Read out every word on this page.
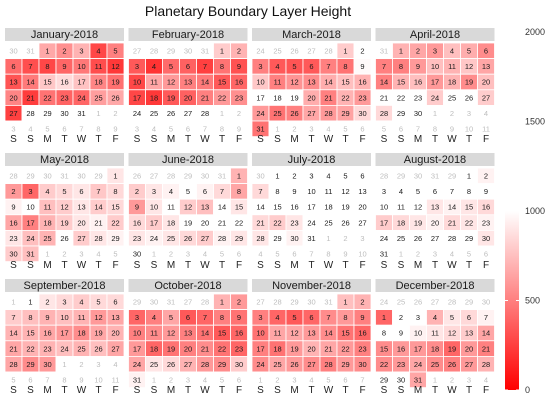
Planetary Boundary Layer Height
January-2018
30 31 1 2 3 4 5
6 7 8 9 10 11 12
13 14 15 16 17 18 19
20 21 22 23 24 25 26
27 28 29 30 31 1 2
3 4 5 6 7 8 9
S S M T W T F
February-2018
27 28 29 30 31 1 2
3 4 5 6 7 8 9
10 11 12 13 14 15 16
17 18 19 20 21 22 23
24 25 26 27 28 1 2
3 4 5 6 7 8 9
S S M T W T F
March-2018
24 25 26 27 28 1 2
3 4 5 6 7 8 9
10 11 12 13 14 15 16
17 18 19 20 21 22 23
24 25 26 27 28 29 30
31 1 2 3 4 5 6
S S M T W T F
April-2018
31 1 2 3 4 5 6
7 8 9 10 11 12 13
14 15 16 17 18 19 20
21 22 23 24 25 26 27
28 29 30 1 2 3 4
5 6 7 8 9 10 11
S S M T W T F
May-2018
28 29 30 31 30 29 1
2 3 4 5 6 7 8
9 10 11 12 13 14 15
16 17 18 19 20 21 22
23 24 25 26 27 28 29
30 31 1 2 3 4 5
S S M T W T F
June-2018
26 27 28 29 30 31 1
2 3 4 5 6 7 8
9 10 11 12 13 14 15
16 17 18 19 20 21 22
23 24 25 26 27 28 29
30 1 2 3 4 5 6
S S M T W T F
July-2018
30 1 2 3 4 5 6
7 8 9 10 11 12 13
14 15 16 17 18 19 20
21 22 23 24 25 26 27
28 29 30 31 1 2 3
4 5 6 7 8 9 10
S S M T W T F
August-2018
28 29 30 31 29 1 2
3 4 5 6 7 8 9
10 11 12 13 14 15 16
17 18 19 20 21 22 23
24 25 26 27 28 29 30
31 1 2 3 4 5 6
S S M T W T F
September-2018
1 1 2 3 4 5 6
7 8 9 10 11 12 13
14 15 16 17 18 19 20
21 22 23 24 25 26 27
28 29 30 1 2 3 4
5 6 7 8 9 10 11
S S M T W T F
October-2018
29 30 31 27 28 1 2
3 4 5 6 7 8 9
10 11 12 13 14 15 16
17 18 19 20 21 22 23
24 25 26 27 28 29 30
31 1 2 3 4 5 6
S S M T W T F
November-2018
27 28 29 30 31 1 2
3 4 5 6 7 8 9
10 11 12 13 14 15 16
17 18 19 20 21 22 23
24 25 26 27 28 29 30
1 2 3 4 5 6 7
S S M T W T F
December-2018
24 25 26 27 28 29 30
1 2 3 4 5 6 7
8 9 10 11 12 13 14
15 16 17 18 19 20 21
22 23 24 25 26 27 28
29 30 31 1 2 3 4
S S M T W T F	0
500
1000
1500
2000
